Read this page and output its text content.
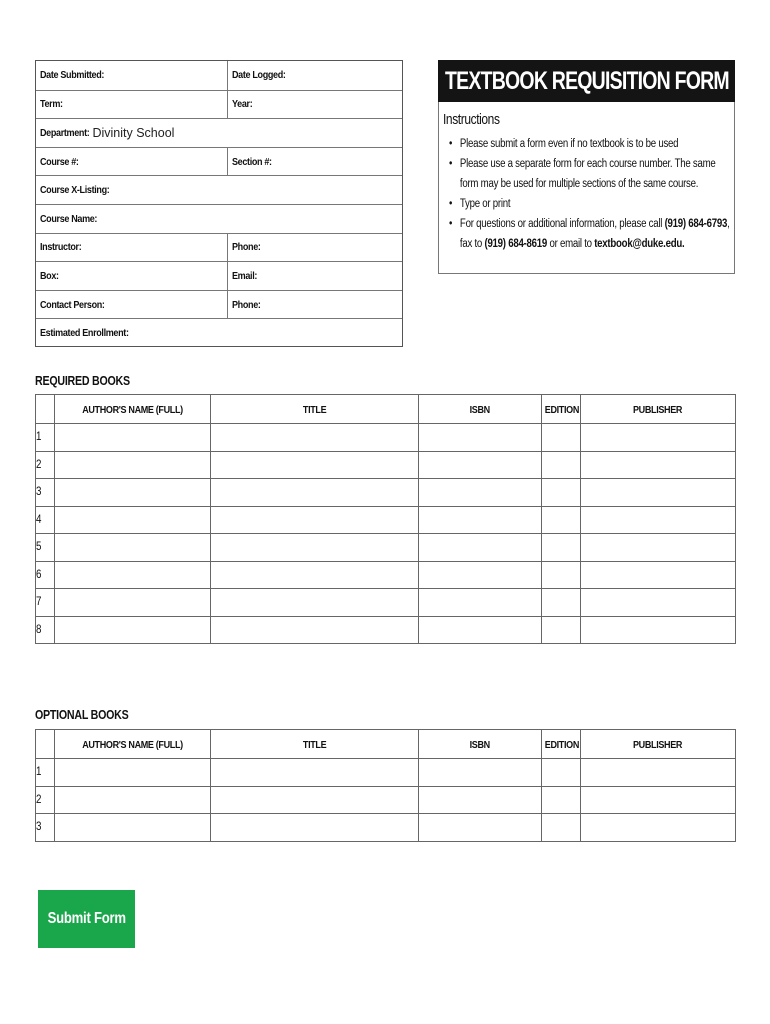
Date Submitted:	Date Logged:
Term:	Year:
Department: Divinity School
Course #:	Section #:
Course X-Listing:
Course Name:
Instructor:	Phone:
Box:	Email:
Contact Person:	Phone:
Estimated Enrollment:
TEXTBOOK REQUISITION FORM
Instructions
• Please submit a form even if no textbook is to be used
• Please use a separate form for each course number. The same form may be used for multiple sections of the same course.
• Type or print
• For questions or additional information, please call (919) 684-6793, fax to (919) 684-8619 or email to textbook@duke.edu.
REQUIRED BOOKS
	AUTHOR'S NAME (FULL)	TITLE	ISBN	EDITION	PUBLISHER
1					
2					
3					
4					
5					
6					
7					
8					
OPTIONAL BOOKS
	AUTHOR'S NAME (FULL)	TITLE	ISBN	EDITION	PUBLISHER
1					
2					
3					
Submit Form
